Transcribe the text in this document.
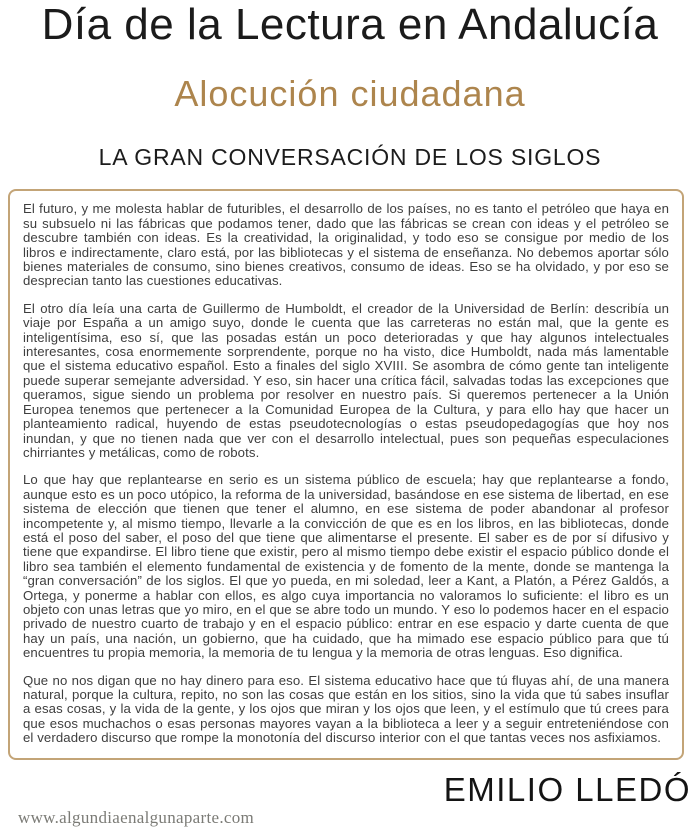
Día de la Lectura en Andalucía
Alocución ciudadana
LA GRAN CONVERSACIÓN DE LOS SIGLOS

El futuro, y me molesta hablar de futuribles, el desarrollo de los países, no es tanto el petróleo que haya en su subsuelo ni las fábricas que podamos tener, dado que las fábricas se crean con ideas y el petróleo se descubre también con ideas. Es la creatividad, la originalidad, y todo eso se consigue por medio de los libros e indirectamente, claro está, por las bibliotecas y el sistema de enseñanza. No debemos aportar sólo bienes materiales de consumo, sino bienes creativos, consumo de ideas. Eso se ha olvidado, y por eso se desprecian tanto las cuestiones educativas.

El otro día leía una carta de Guillermo de Humboldt, el creador de la Universidad de Berlín: describía un viaje por España a un amigo suyo, donde le cuenta que las carreteras no están mal, que la gente es inteligentísima, eso sí, que las posadas están un poco deterioradas y que hay algunos intelectuales interesantes, cosa enormemente sorprendente, porque no ha visto, dice Humboldt, nada más lamentable que el sistema educativo español. Esto a finales del siglo XVIII. Se asombra de cómo gente tan inteligente puede superar semejante adversidad. Y eso, sin hacer una crítica fácil, salvadas todas las excepciones que queramos, sigue siendo un problema por resolver en nuestro país. Si queremos pertenecer a la Unión Europea tenemos que pertenecer a la Comunidad Europea de la Cultura, y para ello hay que hacer un planteamiento radical, huyendo de estas pseudotecnologías o estas pseudopedagogías que hoy nos inundan, y que no tienen nada que ver con el desarrollo intelectual, pues son pequeñas especulaciones chirriantes y metálicas, como de robots.

Lo que hay que replantearse en serio es un sistema público de escuela; hay que replantearse a fondo, aunque esto es un poco utópico, la reforma de la universidad, basándose en ese sistema de libertad, en ese sistema de elección que tienen que tener el alumno, en ese sistema de poder abandonar al profesor incompetente y, al mismo tiempo, llevarle a la convicción de que es en los libros, en las bibliotecas, donde está el poso del saber, el poso del que tiene que alimentarse el presente. El saber es de por sí difusivo y tiene que expandirse. El libro tiene que existir, pero al mismo tiempo debe existir el espacio público donde el libro sea también el elemento fundamental de existencia y de fomento de la mente, donde se mantenga la “gran conversación” de los siglos. El que yo pueda, en mi soledad, leer a Kant, a Platón, a Pérez Galdós, a Ortega, y ponerme a hablar con ellos, es algo cuya importancia no valoramos lo suficiente: el libro es un objeto con unas letras que yo miro, en el que se abre todo un mundo. Y eso lo podemos hacer en el espacio privado de nuestro cuarto de trabajo y en el espacio público: entrar en ese espacio y darte cuenta de que hay un país, una nación, un gobierno, que ha cuidado, que ha mimado ese espacio público para que tú encuentres tu propia memoria, la memoria de tu lengua y la memoria de otras lenguas. Eso dignifica.

Que no nos digan que no hay dinero para eso. El sistema educativo hace que tú fluyas ahí, de una manera natural, porque la cultura, repito, no son las cosas que están en los sitios, sino la vida que tú sabes insuflar a esas cosas, y la vida de la gente, y los ojos que miran y los ojos que leen, y el estímulo que tú crees para que esos muchachos o esas personas mayores vayan a la biblioteca a leer y a seguir entreteniéndose con el verdadero discurso que rompe la monotonía del discurso interior con el que tantas veces nos asfixiamos.

EMILIO LLEDÓ
www.algundiaenalgunaparte.com
